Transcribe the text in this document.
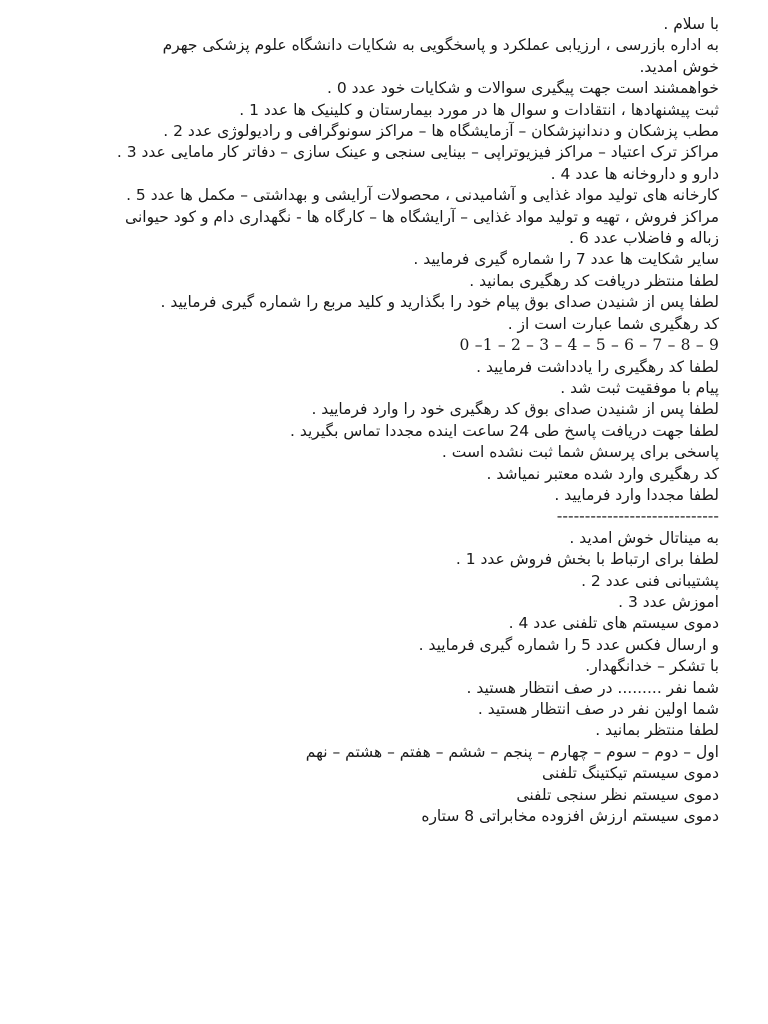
با سلام .
به اداره بازرسی ، ارزیابی عملکرد و پاسخگویی به شکایات دانشگاه علوم پزشکی جهرم
خوش امدید.
خواهمشند است جهت پیگیری سوالات و شکایات خود عدد 0 .
ثبت پیشنهادها ، انتقادات و سوال ها در مورد بیمارستان و کلینیک ها عدد 1 .
مطب پزشکان و دندانپزشکان – آزمایشگاه ها – مراکز سونوگرافی و رادیولوژی عدد 2 .
مراکز ترک اعتیاد – مراکز فیزیوتراپی – بینایی سنجی و عینک سازی – دفاتر کار مامایی عدد 3 .
دارو و داروخانه ها عدد 4 .
کارخانه های تولید مواد غذایی و آشامیدنی ، محصولات آرایشی و بهداشتی – مکمل ها عدد 5 .
مراکز فروش ، تهیه و تولید مواد غذایی – آرایشگاه ها – کارگاه ها - نگهداری دام و کود حیوانی
زباله و فاضلاب عدد 6 .
سایر شکایت ها عدد 7 را شماره گیری فرمایید .
لطفا منتظر دریافت کد رهگیری بمانید .
لطفا پس از شنیدن صدای بوق پیام خود را بگذارید و کلید مربع را شماره گیری فرمایید .
کد رهگیری شما عبارت است از .
9 – 8 – 7 – 6 – 5 – 4 – 3 – 2 – 1– 0
لطفا کد رهگیری را یادداشت فرمایید .
پیام با موفقیت ثبت شد .
لطفا پس از شنیدن صدای بوق کد رهگیری خود را وارد فرمایید .
لطفا جهت دریافت پاسخ طی 24 ساعت اینده مجددا تماس بگیرید .
پاسخی برای پرسش شما ثبت نشده است .
کد رهگیری وارد شده معتبر نمیاشد .
لطفا مجددا وارد فرمایید .
-----------------------------
به میناتال خوش امدید .
لطفا برای ارتباط با بخش فروش عدد 1 .
پشتیبانی فنی عدد 2 .
اموزش عدد 3 .
دموی سیستم های تلفنی عدد 4 .
و ارسال فکس عدد 5 را شماره گیری فرمایید .
با تشکر – خدانگهدار.
شما نفر ......... در صف انتظار هستید .
شما اولین نفر در صف انتظار هستید .
لطفا منتظر بمانید .
اول – دوم – سوم – چهارم – پنجم – ششم – هفتم – هشتم – نهم
دموی سیستم تیکتینگ تلفنی
دموی سیستم نظر سنجی تلفنی
دموی سیستم ارزش افزوده مخابراتی 8 ستاره
